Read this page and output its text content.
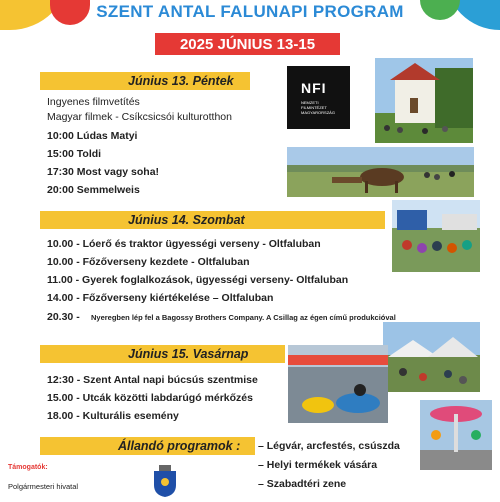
SZENT ANTAL FALUNAPI PROGRAM
2025 JÚNIUS 13-15
Június 13. Péntek
Ingyenes filmvetítés
Magyar filmek - Csíkcsicsói kulturotthon
10:00 Lúdas Matyi
15:00 Toldi
17:30 Most vagy soha!
20:00 Semmelweis
NFI
NEMZETI
FILMINTÉZET
MAGYARORSZÁG
Június 14. Szombat
10.00 - Lóerő és traktor ügyességi verseny - Oltfaluban
10.00 - Főzőverseny kezdete - Oltfaluban
11.00 - Gyerek foglalkozások, ügyességi verseny- Oltfaluban
14.00 - Főzőverseny kiértékelése – Oltfaluban
20.30 - Nyeregben lép fel a Bagossy Brothers Company. A Csillag az égen című produkcióval
Június 15. Vasárnap
12:30 - Szent Antal napi búcsús szentmise
15.00 - Utcák közötti labdarúgó mérkőzés
18.00 - Kulturális esemény
Állandó programok : – Légvár, arcfestés, csúszda
– Helyi termékek vására
– Szabadtéri zene
Támogatók:
Polgármesteri hivatal
